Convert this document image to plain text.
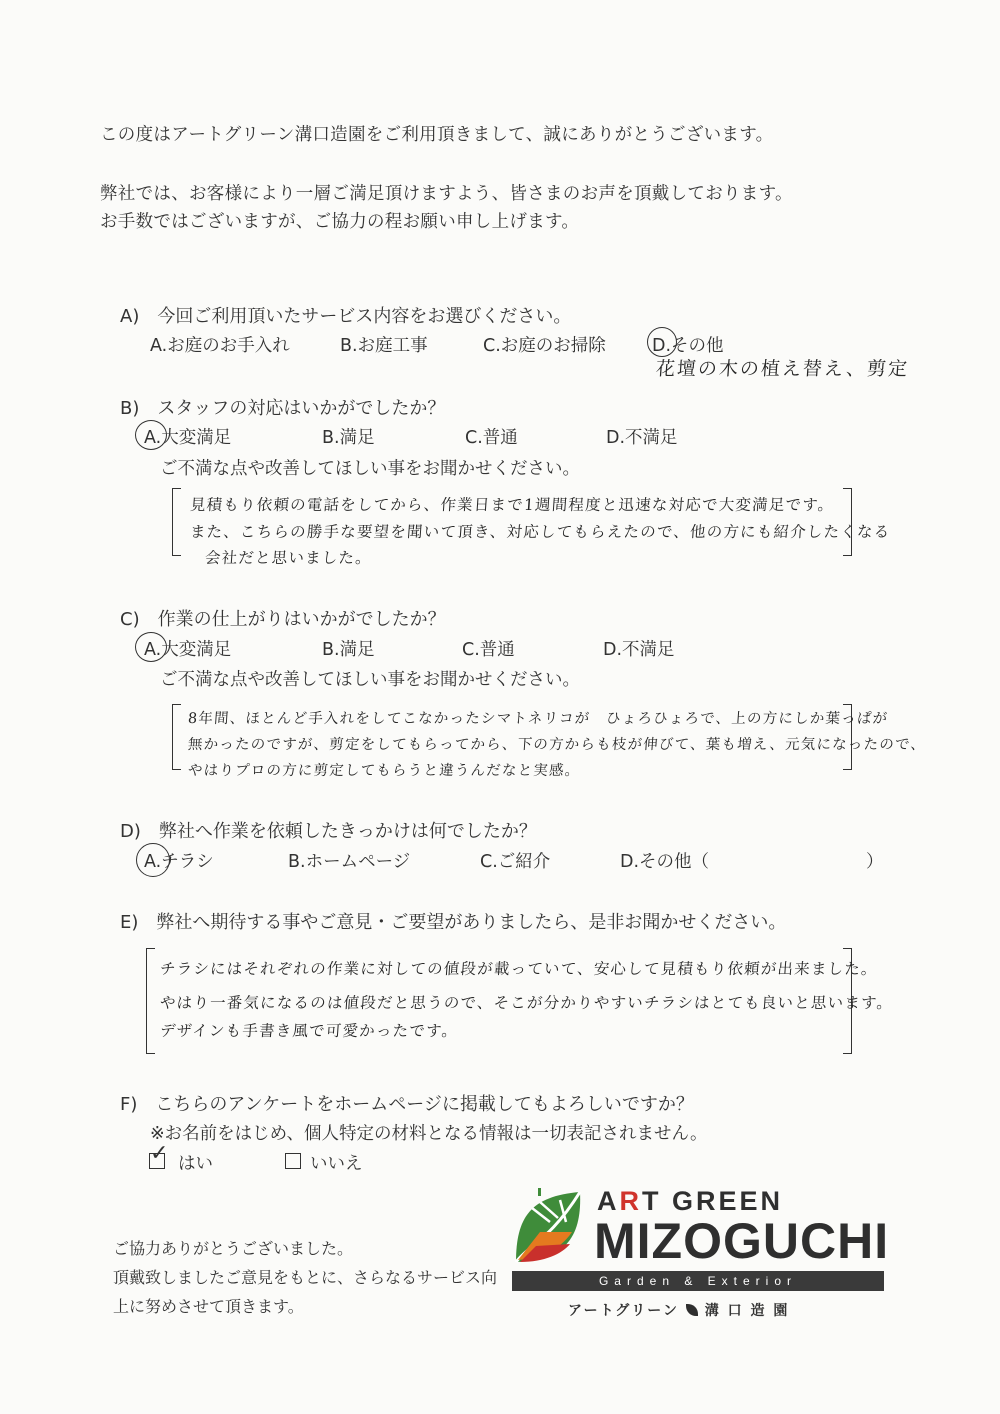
この度はアートグリーン溝口造園をご利用頂きまして、誠にありがとうございます。
弊社では、お客様により一層ご満足頂けますよう、皆さまのお声を頂戴しております。
お手数ではございますが、ご協力の程お願い申し上げます。
A)　今回ご利用頂いたサービス内容をお選びください。
A.お庭のお手入れ	B.お庭工事	C.お庭のお掃除	D.その他
花壇の木の植え替え、剪定
B)　スタッフの対応はいかがでしたか？
A.大変満足	B.満足	C.普通	D.不満足
ご不満な点や改善してほしい事をお聞かせください。
見積もり依頼の電話をしてから、作業日まで1週間程度と迅速な対応で大変満足です。
また、こちらの勝手な要望を聞いて頂き、対応してもらえたので、他の方にも紹介したくなる
会社だと思いました。
C)　作業の仕上がりはいかがでしたか？
A.大変満足	B.満足	C.普通	D.不満足
ご不満な点や改善してほしい事をお聞かせください。
8年間、ほとんど手入れをしてこなかったシマトネリコが　ひょろひょろで、上の方にしか葉っぱが
無かったのですが、剪定をしてもらってから、下の方からも枝が伸びて、葉も増え、元気になったので、
やはりプロの方に剪定してもらうと違うんだなと実感。
D)　弊社へ作業を依頼したきっかけは何でしたか？
A.チラシ	B.ホームページ	C.ご紹介	D.その他（	）
E)　弊社へ期待する事やご意見・ご要望がありましたら、是非お聞かせください。
チラシにはそれぞれの作業に対しての値段が載っていて、安心して見積もり依頼が出来ました。
やはり一番気になるのは値段だと思うので、そこが分かりやすいチラシはとても良いと思います。
デザインも手書き風で可愛かったです。
F)　こちらのアンケートをホームページに掲載してもよろしいですか？
※お名前をはじめ、個人特定の材料となる情報は一切表記されません。
✓ はい	いいえ
ご協力ありがとうございました。
頂戴致しましたご意見をもとに、さらなるサービス向
上に努めさせて頂きます。
ART GREEN
MIZOGUCHI
Garden & Exterior
アートグリーン 溝 口 造 園
